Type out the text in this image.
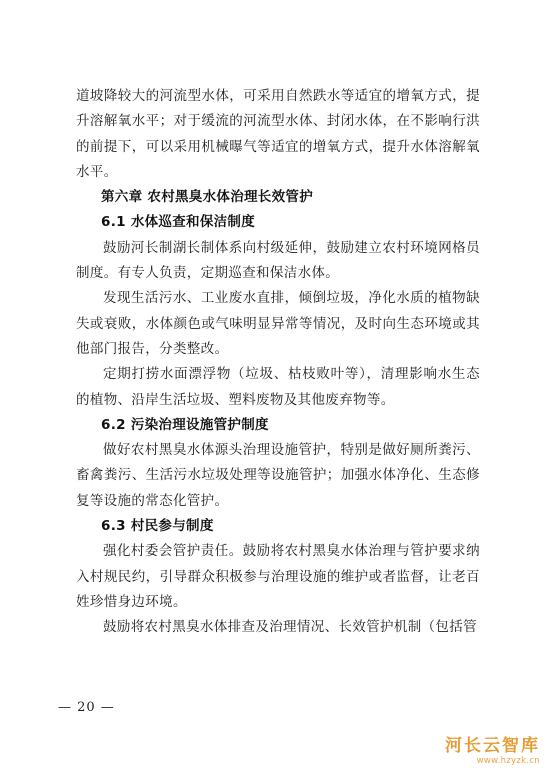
道坡降较大的河流型水体，可采用自然跌水等适宜的增氧方式，提升溶解氧水平；对于缓流的河流型水体、封闭水体，在不影响行洪的前提下，可以采用机械曝气等适宜的增氧方式，提升水体溶解氧水平。

第六章 农村黑臭水体治理长效管护

6.1 水体巡查和保洁制度

鼓励河长制湖长制体系向村级延伸，鼓励建立农村环境网格员制度。有专人负责，定期巡查和保洁水体。

发现生活污水、工业废水直排，倾倒垃圾，净化水质的植物缺失或衰败，水体颜色或气味明显异常等情况，及时向生态环境或其他部门报告，分类整改。

定期打捞水面漂浮物（垃圾、枯枝败叶等），清理影响水生态的植物、沿岸生活垃圾、塑料废物及其他废弃物等。

6.2 污染治理设施管护制度

做好农村黑臭水体源头治理设施管护，特别是做好厕所粪污、畜禽粪污、生活污水垃圾处理等设施管护；加强水体净化、生态修复等设施的常态化管护。

6.3 村民参与制度

强化村委会管护责任。鼓励将农村黑臭水体治理与管护要求纳入村规民约，引导群众积极参与治理设施的维护或者监督，让老百姓珍惜身边环境。

鼓励将农村黑臭水体排查及治理情况、长效管护机制（包括管

— 20 —
河长云智库
www.hzyzk.cn
